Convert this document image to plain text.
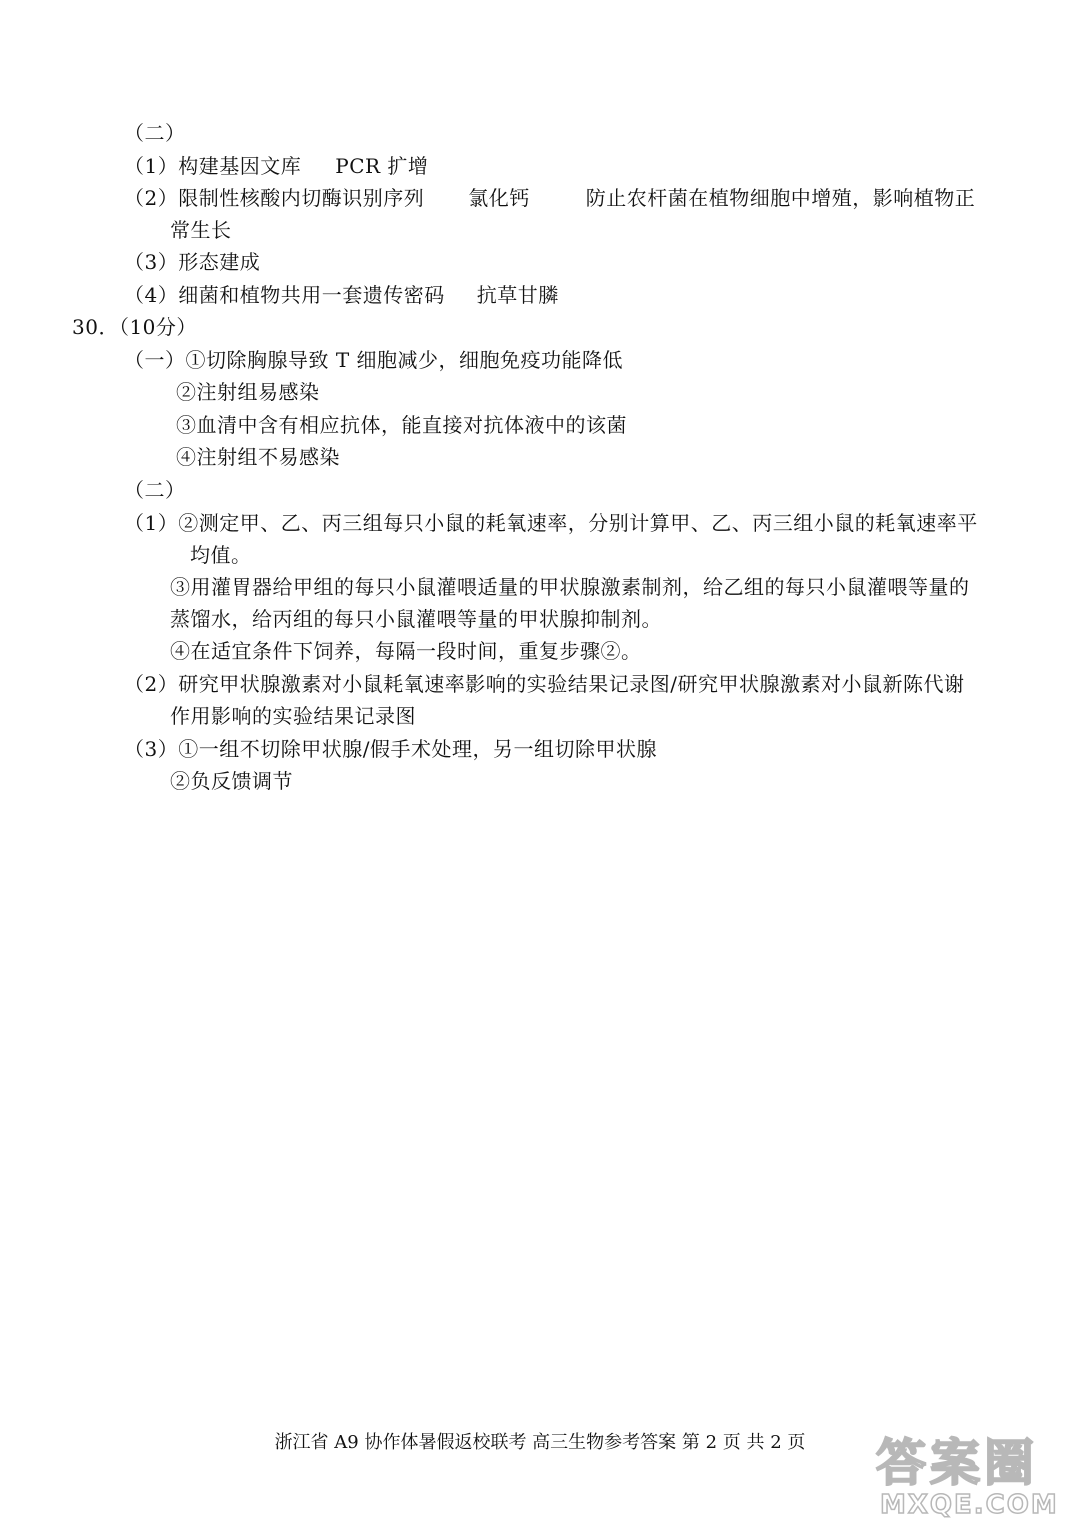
（二）
（1）构建基因文库 PCR 扩增
（2）限制性核酸内切酶识别序列 氯化钙	防止农杆菌在植物细胞中增殖，影响植物正
常生长
（3）形态建成
（4）细菌和植物共用一套遗传密码 抗草甘膦
30．（10分）
（一）①切除胸腺导致 T 细胞减少，细胞免疫功能降低
②注射组易感染
③血清中含有相应抗体，能直接对抗体液中的该菌
④注射组不易感染
（二）
（1）②测定甲、乙、丙三组每只小鼠的耗氧速率，分别计算甲、乙、丙三组小鼠的耗氧速率平
均值。
③用灌胃器给甲组的每只小鼠灌喂适量的甲状腺激素制剂，给乙组的每只小鼠灌喂等量的
蒸馏水，给丙组的每只小鼠灌喂等量的甲状腺抑制剂。
④在适宜条件下饲养，每隔一段时间，重复步骤②。
（2）研究甲状腺激素对小鼠耗氧速率影响的实验结果记录图/研究甲状腺激素对小鼠新陈代谢
作用影响的实验结果记录图
（3）①一组不切除甲状腺/假手术处理，另一组切除甲状腺
②负反馈调节
浙江省 A9 协作体暑假返校联考 高三生物参考答案 第 2 页 共 2 页	答案圈
MXQE.COM
